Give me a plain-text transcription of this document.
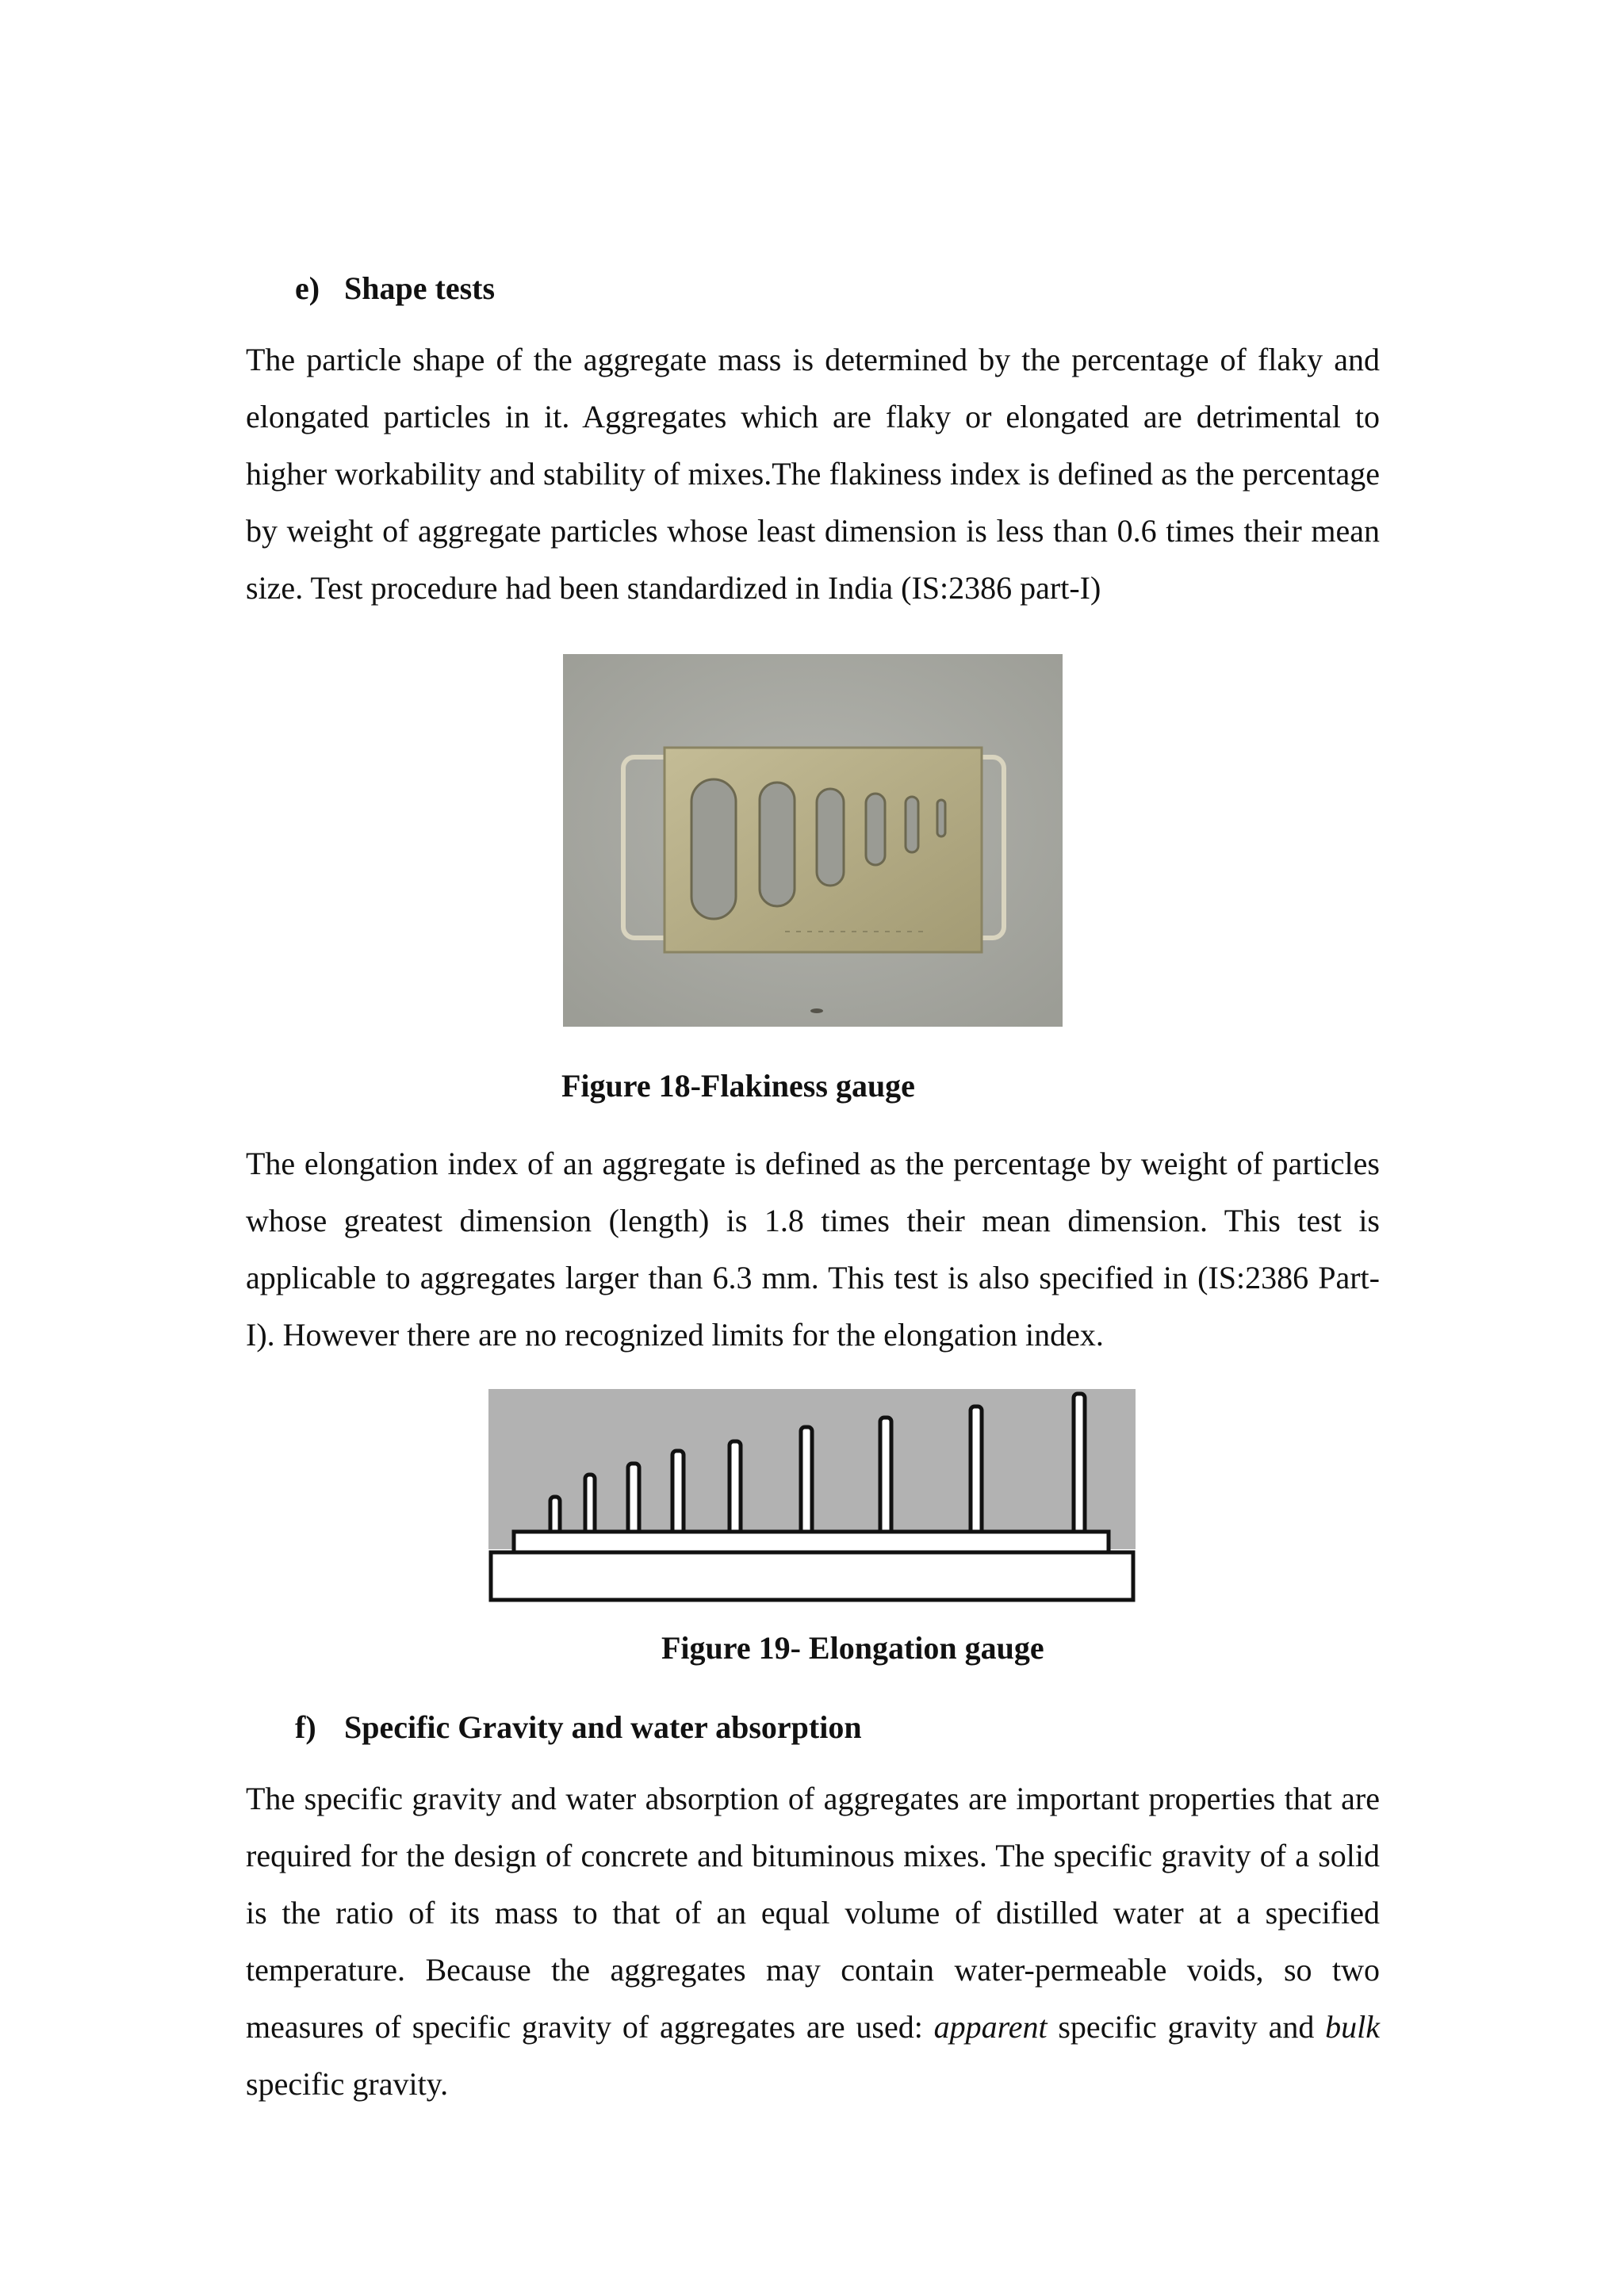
e) Shape tests

The particle shape of the aggregate mass is determined by the percentage of flaky and elongated particles in it. Aggregates which are flaky or elongated are detrimental to higher workability and stability of mixes.The flakiness index is defined as the percentage by weight of aggregate particles whose least dimension is less than 0.6 times their mean size. Test procedure had been standardized in India (IS:2386 part-I)

Figure 18-Flakiness gauge

The elongation index of an aggregate is defined as the percentage by weight of particles whose greatest dimension (length) is 1.8 times their mean dimension. This test is applicable to aggregates larger than 6.3 mm. This test is also specified in (IS:2386 Part-I). However there are no recognized limits for the elongation index.

Figure 19- Elongation gauge
f) Specific Gravity and water absorption

The specific gravity and water absorption of aggregates are important properties that are required for the design of concrete and bituminous mixes. The specific gravity of a solid is the ratio of its mass to that of an equal volume of distilled water at a specified temperature. Because the aggregates may contain water-permeable voids, so two measures of specific gravity of aggregates are used: apparent specific gravity and bulk specific gravity.
